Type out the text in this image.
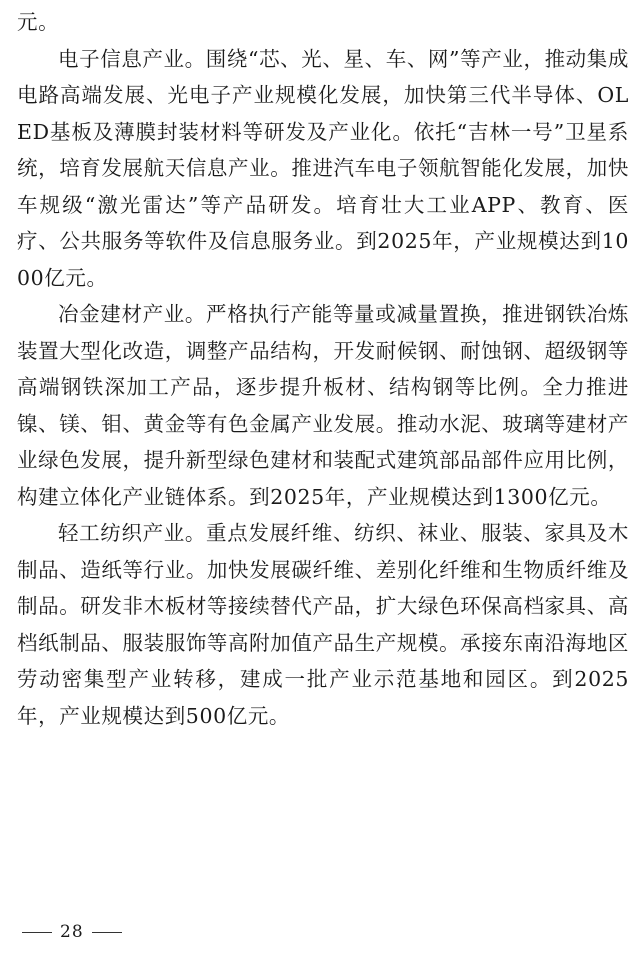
元。

电子信息产业。围绕“芯、光、星、车、网”等产业，推动集成电路高端发展、光电子产业规模化发展，加快第三代半导体、OLED基板及薄膜封装材料等研发及产业化。依托“吉林一号”卫星系统，培育发展航天信息产业。推进汽车电子领航智能化发展，加快车规级“激光雷达”等产品研发。培育壮大工业APP、教育、医疗、公共服务等软件及信息服务业。到2025年，产业规模达到1000亿元。

冶金建材产业。严格执行产能等量或减量置换，推进钢铁冶炼装置大型化改造，调整产品结构，开发耐候钢、耐蚀钢、超级钢等高端钢铁深加工产品，逐步提升板材、结构钢等比例。全力推进镍、镁、钼、黄金等有色金属产业发展。推动水泥、玻璃等建材产业绿色发展，提升新型绿色建材和装配式建筑部品部件应用比例，构建立体化产业链体系。到2025年，产业规模达到1300亿元。

轻工纺织产业。重点发展纤维、纺织、袜业、服装、家具及木制品、造纸等行业。加快发展碳纤维、差别化纤维和生物质纤维及制品。研发非木板材等接续替代产品，扩大绿色环保高档家具、高档纸制品、服装服饰等高附加值产品生产规模。承接东南沿海地区劳动密集型产业转移，建成一批产业示范基地和园区。到2025年，产业规模达到500亿元。

28
